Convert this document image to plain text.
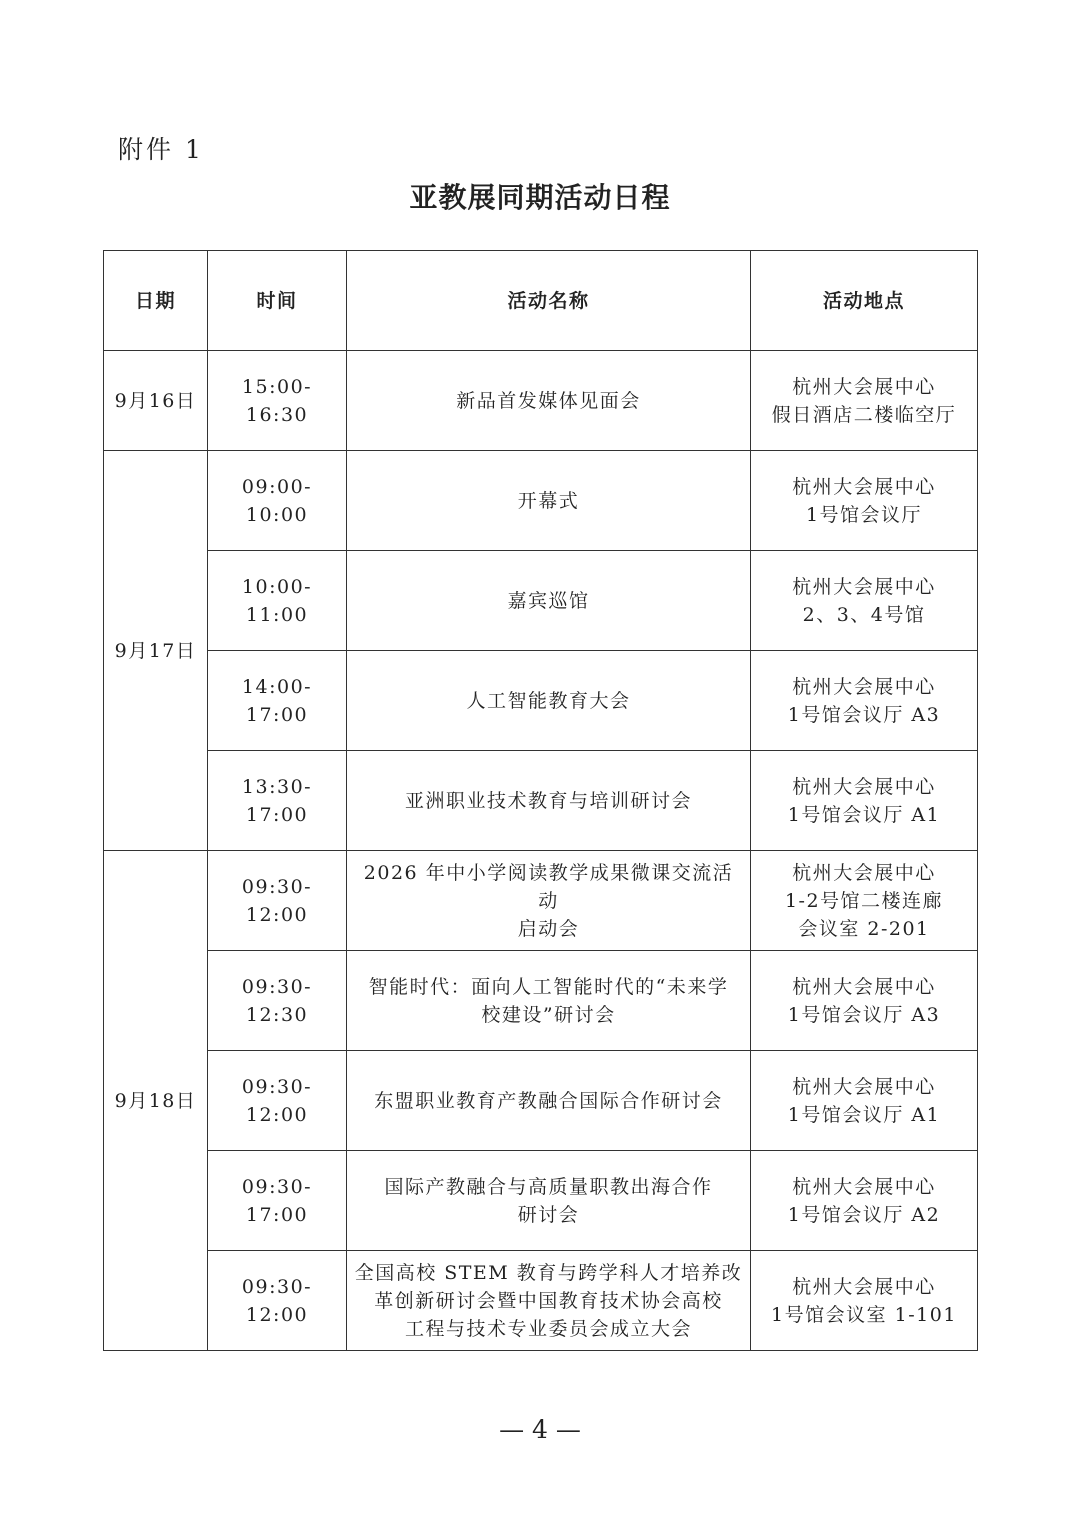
附件 1
亚教展同期活动日程
日期	时间	活动名称	活动地点
9月16日	15:00-16:30	新品首发媒体见面会	杭州大会展中心
假日酒店二楼临空厅

9月17日	09:00-10:00	开幕式	杭州大会展中心
1号馆会议厅

	10:00-11:00	嘉宾巡馆	杭州大会展中心
2、3、4号馆

	14:00-17:00	人工智能教育大会	杭州大会展中心
1号馆会议厅 A3

	13:30-17:00	亚洲职业技术教育与培训研讨会	杭州大会展中心
1号馆会议厅 A1

9月18日	09:30-12:00	2026 年中小学阅读教学成果微课交流活
动
启动会	杭州大会展中心
1-2号馆二楼连廊
会议室 2-201

	09:30-12:30	智能时代：面向人工智能时代的“未来学
校建设”研讨会	杭州大会展中心
1号馆会议厅 A3

	09:30-12:00	东盟职业教育产教融合国际合作研讨会	杭州大会展中心
1号馆会议厅 A1

	09:30-17:00	国际产教融合与高质量职教出海合作
研讨会	杭州大会展中心
1号馆会议厅 A2

	09:30-12:00	全国高校 STEM 教育与跨学科人才培养改
革创新研讨会暨中国教育技术协会高校
工程与技术专业委员会成立大会	杭州大会展中心
1号馆会议室 1-101
— 4 —
